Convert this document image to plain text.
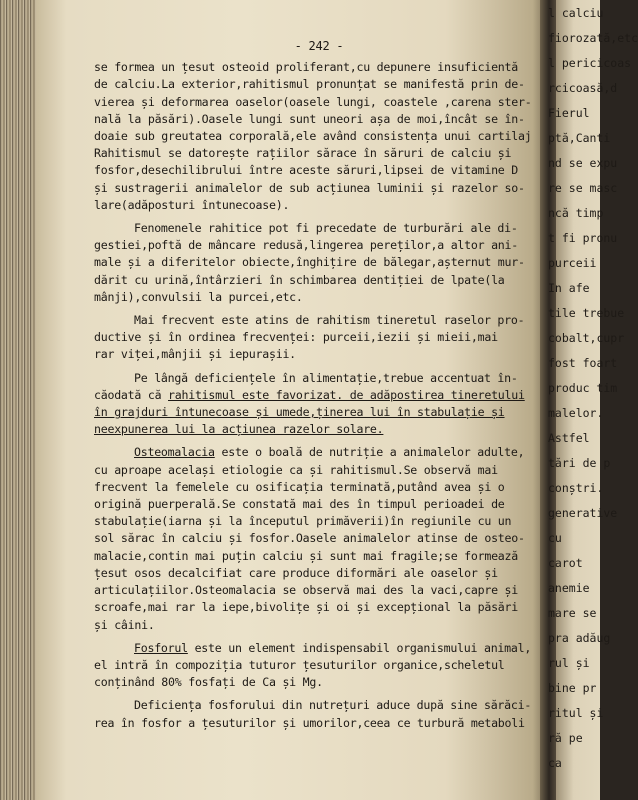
l calciu
fiorozată,etc
l pericicoas
rcicoasă,d
Fierul
ptă,Canti
nd se expu
re se masc
ncă timp
t fi pronu
purceii
In afe
tile trebue
cobalt,cupr
fost foart
produc tim
malelor.
Astfel
tări de p
conștri.
generative
cu
carot
anemie
mare se
pra adăug
rul și
bine pr
ritul și
ră pe
ca
- 242 -
se formea un țesut osteoid proliferant,cu depunere insuficientă
de calciu.La exterior,rahitismul pronunțat se manifestă prin de-
vierea și deformarea oaselor(oasele lungi, coastele ,carena ster-
nală la păsări).Oasele lungi sunt uneori așa de moi,încât se în-
doaie sub greutatea corporală,ele având consistența unui cartilaj
Rahitismul se datorește rațiilor sărace în săruri de calciu și
fosfor,desechilibrului între aceste săruri,lipsei de vitamine D
și sustragerii animalelor de sub acțiunea luminii și razelor so-
lare(adăposturi întunecoase).
Fenomenele rahitice pot fi precedate de turburări ale di-
gestiei,poftă de mâncare redusă,lingerea pereților,a altor ani-
male și a diferitelor obiecte,înghițire de bălegar,așternut mur-
dărit cu urină,întârzieri în schimbarea dentiției de lpate(la
mânji),convulsii la purcei,etc.
Mai frecvent este atins de rahitism tineretul raselor pro-
ductive și în ordinea frecvenței: purceii,iezii și mieii,mai
rar viței,mânjii și iepurașii.
Pe lângă deficiențele în alimentație,trebue accentuat în-
căodată că rahitismul este favorizat. de adăpostirea tineretului
în grajduri întunecoase și umede,ținerea lui în stabulație și
neexpunerea lui la acțiunea razelor solare.
Osteomalacia este o boală de nutriție a animalelor adulte,
cu aproape același etiologie ca și rahitismul.Se observă mai
frecvent la femelele cu osificația terminată,putând avea și o
origină puerperală.Se constată mai des în timpul perioadei de
stabulație(iarna și la începutul primăverii)în regiunile cu un
sol sărac în calciu și fosfor.Oasele animalelor atinse de osteo-
malacie,contin mai puțin calciu și sunt mai fragile;se formează
țesut osos decalcifiat care produce diformări ale oaselor și
articulațiilor.Osteomalacia se observă mai des la vaci,capre și
scroafe,mai rar la iepe,bivolițe și oi și excepțional la păsări
și câini.
Fosforul este un element indispensabil organismului animal,
el intră în compoziția tuturor țesuturilor organice,scheletul
conținând 80% fosfați de Ca și Mg.
Deficiența fosforului din nutrețuri aduce după sine sărăci-
rea în fosfor a țesuturilor și umorilor,ceea ce turbură metaboli
